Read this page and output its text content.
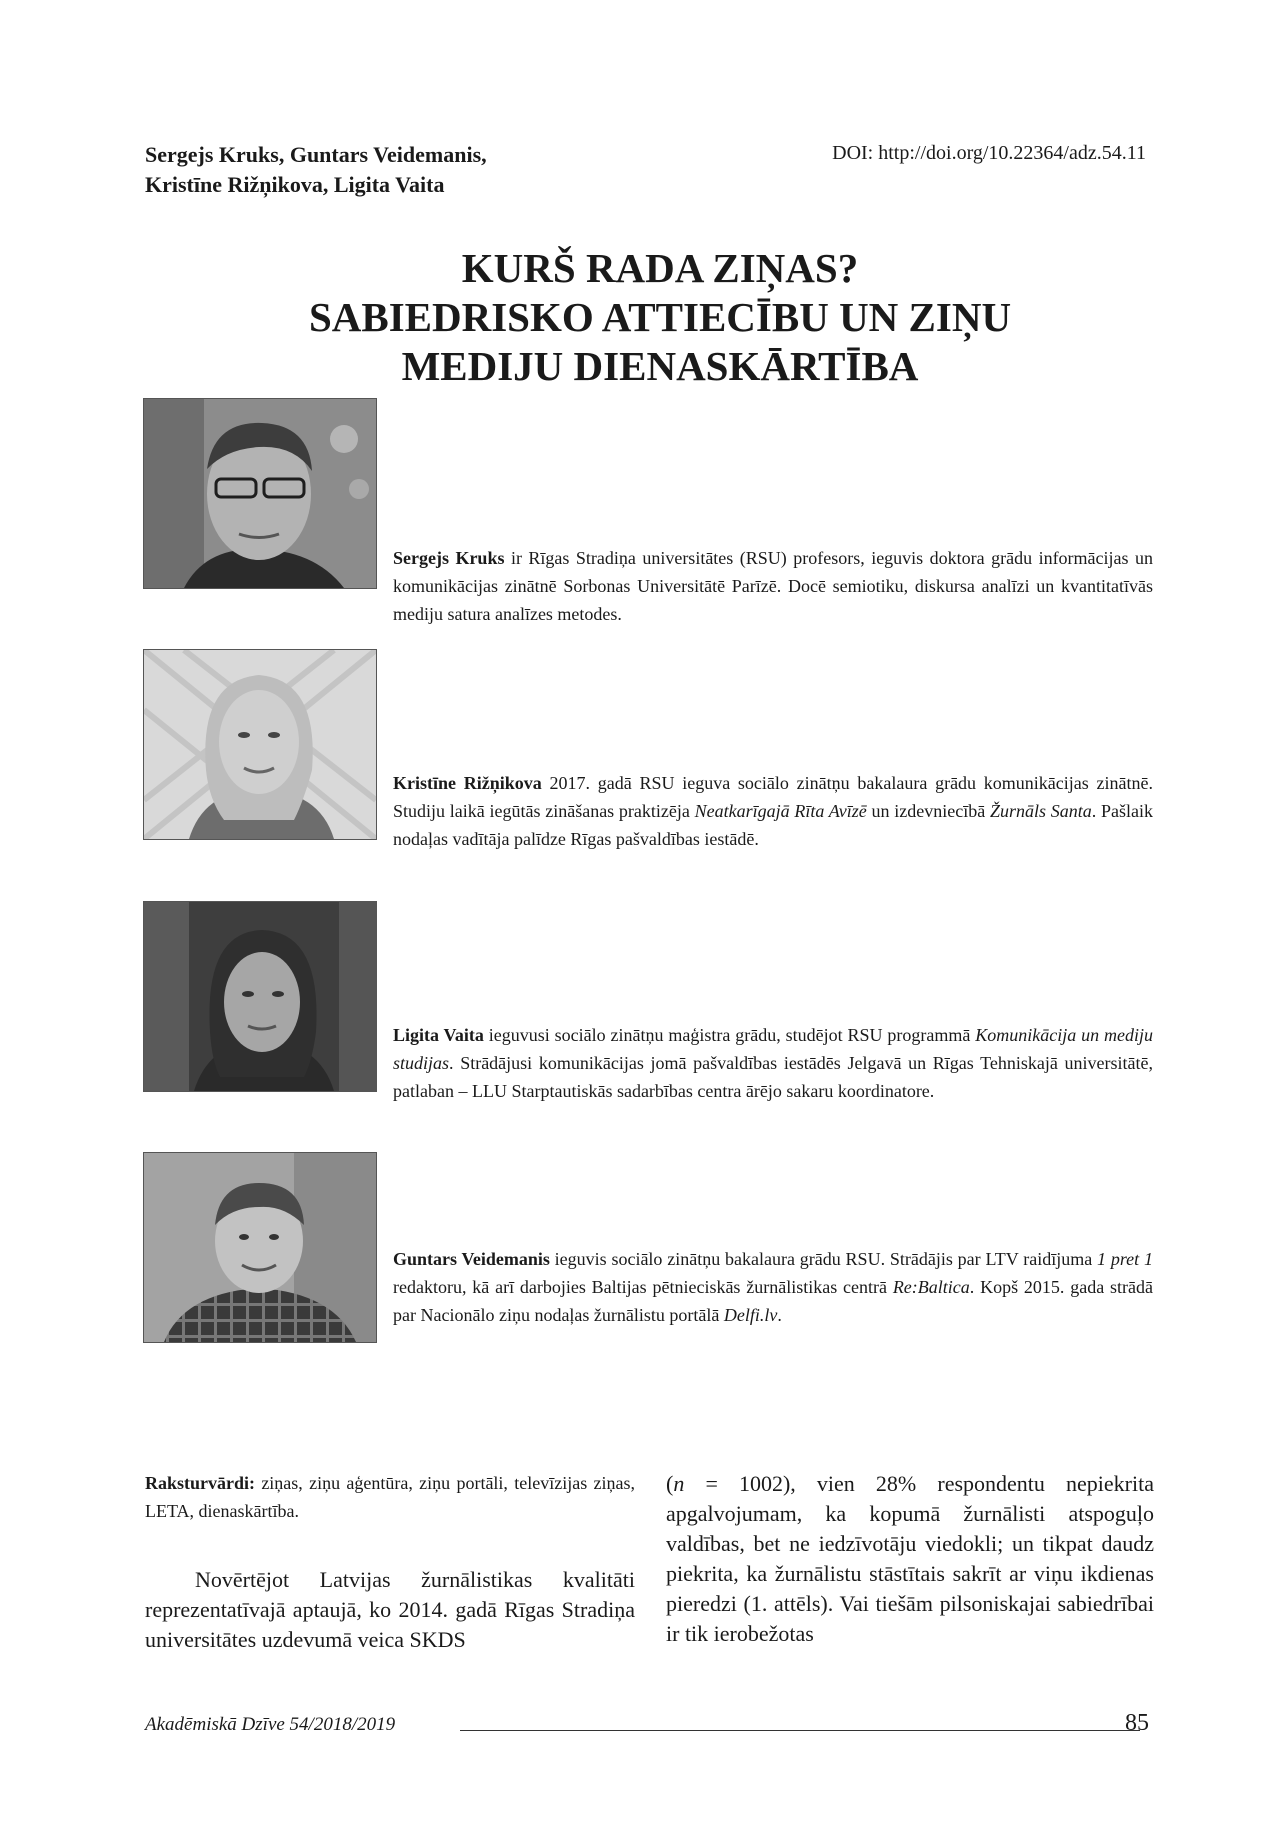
Sergejs Kruks, Guntars Veidemanis,
Kristīne Rižņikova, Ligita Vaita
DOI: http://doi.org/10.22364/adz.54.11
KURŠ RADA ZIŅAS?
SABIEDRISKO ATTIECĪBU UN ZIŅU
MEDIJU DIENASKĀRTĪBA
Sergejs Kruks ir Rīgas Stradiņa universitātes (RSU) profesors, ieguvis doktora grādu informācijas un komunikācijas zinātnē Sorbonas Universitātē Parīzē. Docē semiotiku, diskursa analīzi un kvantitatīvās mediju satura analīzes metodes.
Kristīne Rižņikova 2017. gadā RSU ieguva sociālo zinātņu bakalaura grādu komunikācijas zinātnē. Studiju laikā iegūtās zināšanas praktizēja Neatkarīgajā Rīta Avīzē un izdevniecībā Žurnāls Santa. Pašlaik nodaļas vadītāja palīdze Rīgas pašvaldības iestādē.
Ligita Vaita ieguvusi sociālo zinātņu maģistra grādu, studējot RSU programmā Komunikācija un mediju studijas. Strādājusi komunikācijas jomā pašvaldības iestādēs Jelgavā un Rīgas Tehniskajā universitātē, patlaban – LLU Starptautiskās sadarbības centra ārējo sakaru koordinatore.
Guntars Veidemanis ieguvis sociālo zinātņu bakalaura grādu RSU. Strādājis par LTV raidījuma 1 pret 1 redaktoru, kā arī darbojies Baltijas pētnieciskās žurnālistikas centrā Re:Baltica. Kopš 2015. gada strādā par Nacionālo ziņu nodaļas žurnālistu portālā Delfi.lv.
Raksturvārdi: ziņas, ziņu aģentūra, ziņu portāli, televīzijas ziņas, LETA, dienaskārtība.
Novērtējot Latvijas žurnālistikas kvalitāti reprezentatīvajā aptaujā, ko 2014. gadā Rīgas Stradiņa universitātes uzdevumā veica SKDS
(n = 1002), vien 28% respondentu nepiekrita apgalvojumam, ka kopumā žurnālisti atspoguļo valdības, bet ne iedzīvotāju viedokli; un tikpat daudz piekrita, ka žurnālistu stāstītais sakrīt ar viņu ikdienas pieredzi (1. attēls). Vai tiešām pilsoniskajai sabiedrībai ir tik ierobežotas
Akadēmiskā Dzīve 54/2018/2019	85
